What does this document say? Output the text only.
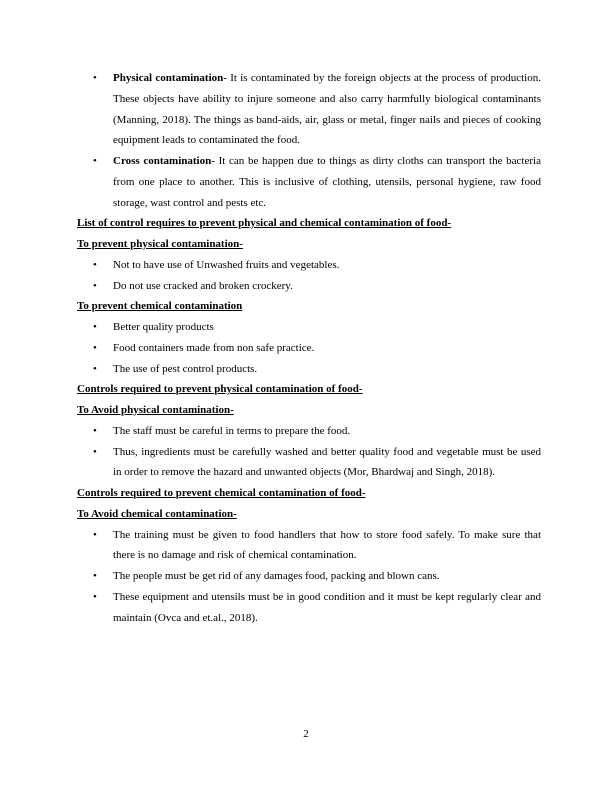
• Physical contamination- It is contaminated by the foreign objects at the process of production. These objects have ability to injure someone and also carry harmfully biological contaminants (Manning, 2018). The things as band-aids, air, glass or metal, finger nails and pieces of cooking equipment leads to contaminated the food.
• Cross contamination- It can be happen due to things as dirty cloths can transport the bacteria from one place to another. This is inclusive of clothing, utensils, personal hygiene, raw food storage, wast control and pests etc.

List of control requires to prevent physical and chemical contamination of food-

To prevent physical contamination-

• Not to have use of Unwashed fruits and vegetables.
• Do not use cracked and broken crockery.

To prevent chemical contamination

• Better quality products
• Food containers made from non safe practice.
• The use of pest control products.

Controls required to prevent physical contamination of food-

To Avoid physical contamination-

• The staff must be careful in terms to prepare the food.
• Thus, ingredients must be carefully washed and better quality food and vegetable must be used in order to remove the hazard and unwanted objects (Mor, Bhardwaj and Singh, 2018).

Controls required to prevent chemical contamination of food-

To Avoid chemical contamination-

• The training must be given to food handlers that how to store food safely. To make sure that there is no damage and risk of chemical contamination.
• The people must be get rid of any damages food, packing and blown cans.
• These equipment and utensils must be in good condition and it must be kept regularly clear and maintain (Ovca and et.al., 2018).
2
